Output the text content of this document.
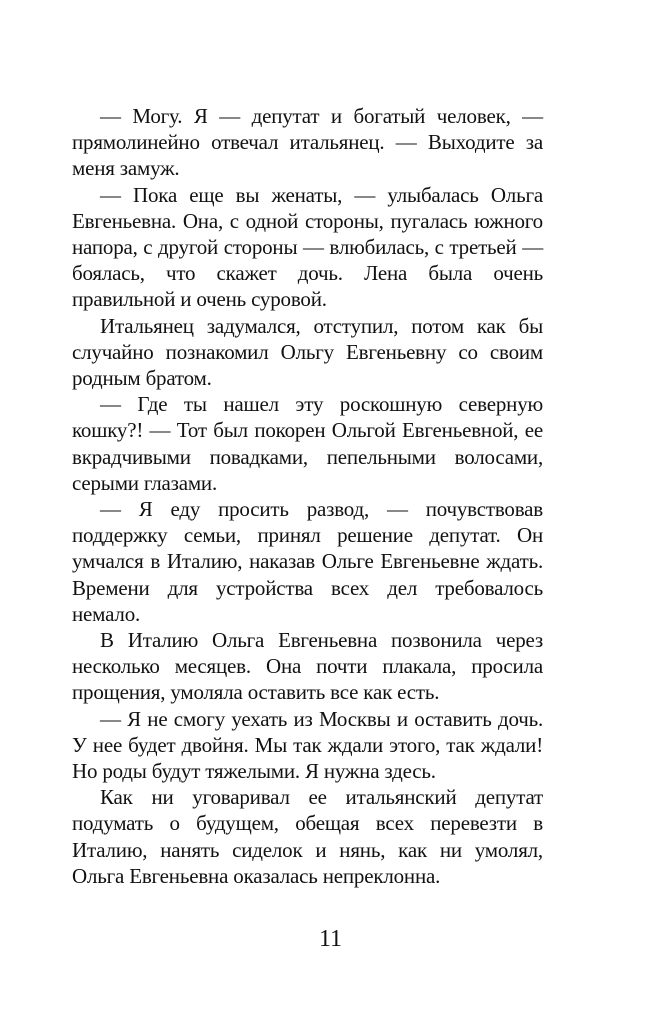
— Могу. Я — депутат и богатый человек, — прямолинейно отвечал итальянец. — Выходите за меня замуж.

— Пока еще вы женаты, — улыбалась Ольга Евгеньевна. Она, с одной стороны, пугалась южного напора, с другой стороны — влюбилась, с третьей — боялась, что скажет дочь. Лена была очень правильной и очень суровой.

Итальянец задумался, отступил, потом как бы случайно познакомил Ольгу Евгеньевну со своим родным братом.

— Где ты нашел эту роскошную северную кошку?! — Тот был покорен Ольгой Евгеньевной, ее вкрадчивыми повадками, пепельными волосами, серыми глазами.

— Я еду просить развод, — почувствовав поддержку семьи, принял решение депутат. Он умчался в Италию, наказав Ольге Евгеньевне ждать. Времени для устройства всех дел требовалось немало.

В Италию Ольга Евгеньевна позвонила через несколько месяцев. Она почти плакала, просила прощения, умоляла оставить все как есть.

— Я не смогу уехать из Москвы и оставить дочь. У нее будет двойня. Мы так ждали этого, так ждали! Но роды будут тяжелыми. Я нужна здесь.

Как ни уговаривал ее итальянский депутат подумать о будущем, обещая всех перевезти в Италию, нанять сиделок и нянь, как ни умолял, Ольга Евгеньевна оказалась непреклонна.

11
